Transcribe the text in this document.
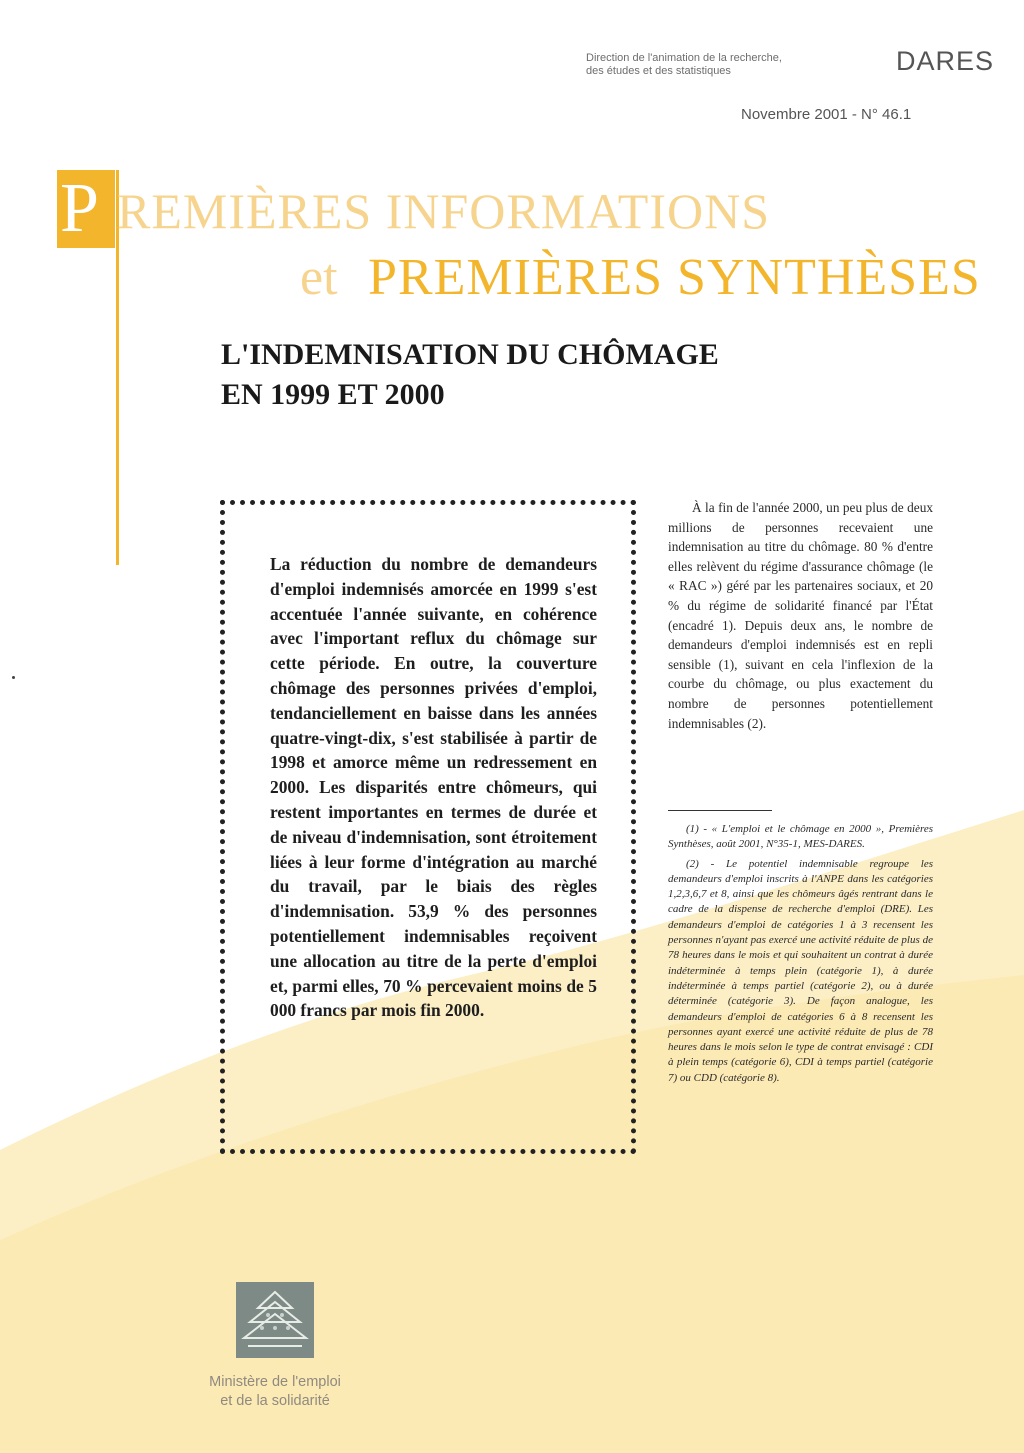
Direction de l'animation de la recherche,
des études et des statistiques	DARES
Novembre 2001 - N° 46.1
P REMIÈRES INFORMATIONS
et PREMIÈRES SYNTHÈSES
L'INDEMNISATION DU CHÔMAGE
EN 1999 ET 2000
La réduction du nombre de demandeurs d'emploi indemnisés amorcée en 1999 s'est accentuée l'année suivante, en cohérence avec l'important reflux du chômage sur cette période. En outre, la couverture chômage des personnes privées d'emploi, tendanciellement en baisse dans les années quatre-vingt-dix, s'est stabilisée à partir de 1998 et amorce même un redressement en 2000. Les disparités entre chômeurs, qui restent importantes en termes de durée et de niveau d'indemnisation, sont étroitement liées à leur forme d'intégration au marché du travail, par le biais des règles d'indemnisation. 53,9 % des personnes potentiellement indemnisables reçoivent une allocation au titre de la perte d'emploi et, parmi elles, 70 % percevaient moins de 5 000 francs par mois fin 2000.

À la fin de l'année 2000, un peu plus de deux millions de personnes recevaient une indemnisation au titre du chômage. 80 % d'entre elles relèvent du régime d'assurance chômage (le « RAC ») géré par les partenaires sociaux, et 20 % du régime de solidarité financé par l'État (encadré 1). Depuis deux ans, le nombre de demandeurs d'emploi indemnisés est en repli sensible (1), suivant en cela l'inflexion de la courbe du chômage, ou plus exactement du nombre de personnes potentiellement indemnisables (2).

(1) - « L'emploi et le chômage en 2000 », Premières Synthèses, août 2001, N°35-1, MES-DARES.

(2) - Le potentiel indemnisable regroupe les demandeurs d'emploi inscrits à l'ANPE dans les catégories 1,2,3,6,7 et 8, ainsi que les chômeurs âgés rentrant dans le cadre de la dispense de recherche d'emploi (DRE). Les demandeurs d'emploi de catégories 1 à 3 recensent les personnes n'ayant pas exercé une activité réduite de plus de 78 heures dans le mois et qui souhaitent un contrat à durée indéterminée à temps plein (catégorie 1), à durée indéterminée à temps partiel (catégorie 2), ou à durée déterminée (catégorie 3). De façon analogue, les demandeurs d'emploi de catégories 6 à 8 recensent les personnes ayant exercé une activité réduite de plus de 78 heures dans le mois selon le type de contrat envisagé : CDI à plein temps (catégorie 6), CDI à temps partiel (catégorie 7) ou CDD (catégorie 8).

Ministère de l'emploi
et de la solidarité
